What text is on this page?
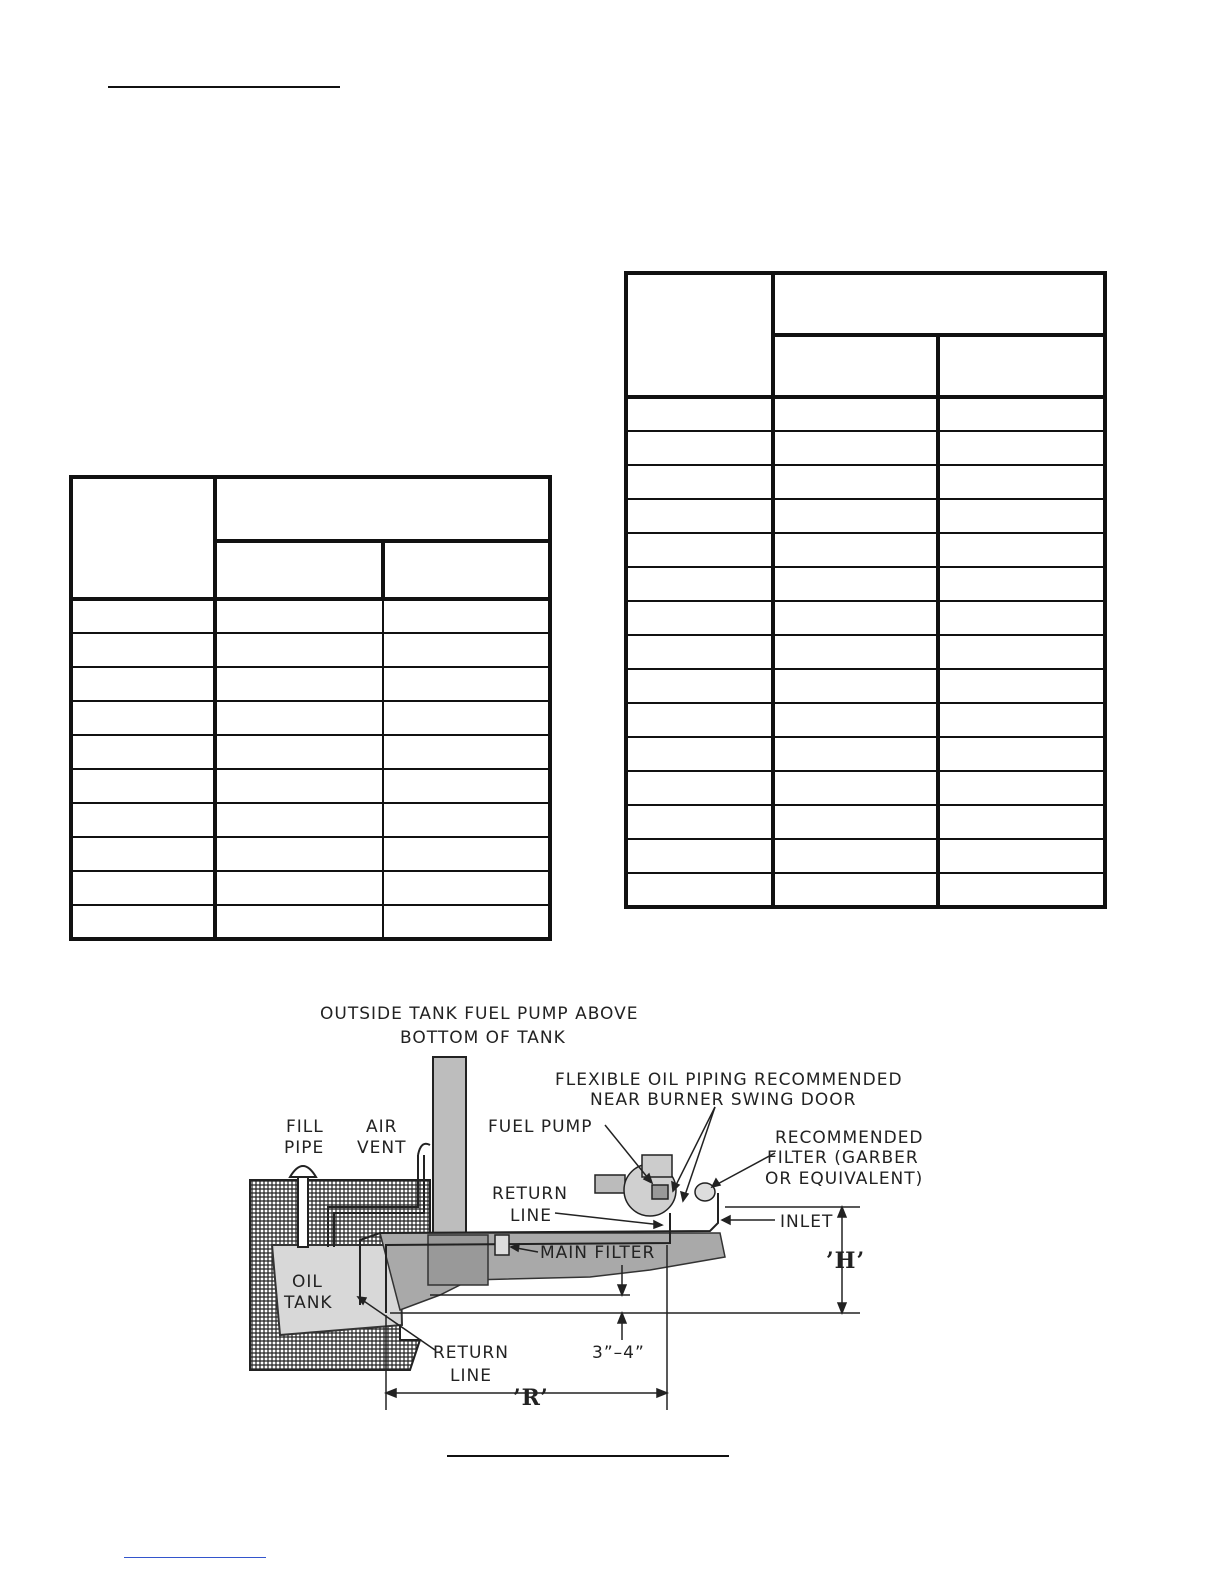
OUTSIDE TANK FUEL PUMP ABOVE
BOTTOM OF TANK
FLEXIBLE OIL PIPING RECOMMENDED
NEAR BURNER SWING DOOR
FILL
PIPE
AIR
VENT
FUEL PUMP
RECOMMENDED
FILTER (GARBER
OR EQUIVALENT)
RETURN
LINE	INLET
MAIN FILTER
OIL
TANK
’H’
RETURN
LINE
3”–4”
’R’
